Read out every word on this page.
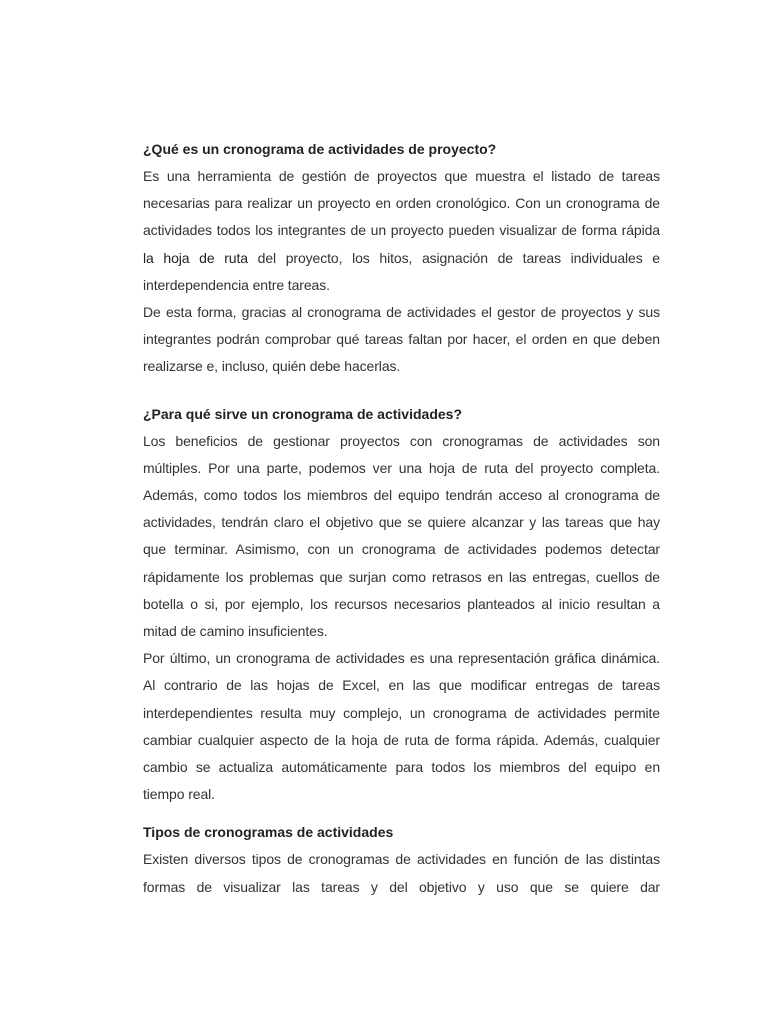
¿Qué es un cronograma de actividades de proyecto?

Es una herramienta de gestión de proyectos que muestra el listado de tareas necesarias para realizar un proyecto en orden cronológico. Con un cronograma de actividades todos los integrantes de un proyecto pueden visualizar de forma rápida la hoja de ruta del proyecto, los hitos, asignación de tareas individuales e interdependencia entre tareas.

De esta forma, gracias al cronograma de actividades el gestor de proyectos y sus integrantes podrán comprobar qué tareas faltan por hacer, el orden en que deben realizarse e, incluso, quién debe hacerlas.

¿Para qué sirve un cronograma de actividades?

Los beneficios de gestionar proyectos con cronogramas de actividades son múltiples. Por una parte, podemos ver una hoja de ruta del proyecto completa. Además, como todos los miembros del equipo tendrán acceso al cronograma de actividades, tendrán claro el objetivo que se quiere alcanzar y las tareas que hay que terminar. Asimismo, con un cronograma de actividades podemos detectar rápidamente los problemas que surjan como retrasos en las entregas, cuellos de botella o si, por ejemplo, los recursos necesarios planteados al inicio resultan a mitad de camino insuficientes.

Por último, un cronograma de actividades es una representación gráfica dinámica. Al contrario de las hojas de Excel, en las que modificar entregas de tareas interdependientes resulta muy complejo, un cronograma de actividades permite cambiar cualquier aspecto de la hoja de ruta de forma rápida. Además, cualquier cambio se actualiza automáticamente para todos los miembros del equipo en tiempo real.

Tipos de cronogramas de actividades

Existen diversos tipos de cronogramas de actividades en función de las distintas formas de visualizar las tareas y del objetivo y uso que se quiere dar
